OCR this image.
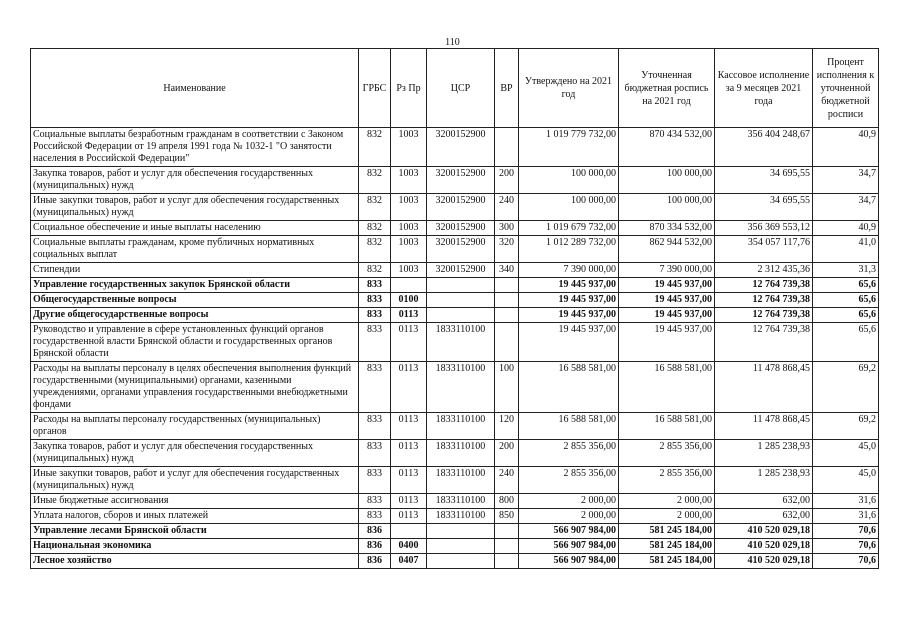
110
Наименование	ГРБС	Рз Пр	ЦСР	ВР	Утверждено на 2021 год	Уточненная бюджетная роспись на 2021 год	Кассовое исполнение за 9 месяцев 2021 года	Процент исполнения к уточненной бюджетной росписи
Социальные выплаты безработным гражданам в соответствии с Законом Российской Федерации от 19 апреля 1991 года № 1032-1 "О занятости населения в Российской Федерации"	832	1003	3200152900		1 019 779 732,00	870 434 532,00	356 404 248,67	40,9
Закупка товаров, работ и услуг для обеспечения государственных (муниципальных) нужд	832	1003	3200152900	200	100 000,00	100 000,00	34 695,55	34,7
Иные закупки товаров, работ и услуг для обеспечения государственных (муниципальных) нужд	832	1003	3200152900	240	100 000,00	100 000,00	34 695,55	34,7
Социальное обеспечение и иные выплаты населению	832	1003	3200152900	300	1 019 679 732,00	870 334 532,00	356 369 553,12	40,9
Социальные выплаты гражданам, кроме публичных нормативных социальных выплат	832	1003	3200152900	320	1 012 289 732,00	862 944 532,00	354 057 117,76	41,0
Стипендии	832	1003	3200152900	340	7 390 000,00	7 390 000,00	2 312 435,36	31,3
Управление государственных закупок Брянской области	833				19 445 937,00	19 445 937,00	12 764 739,38	65,6
Общегосударственные вопросы	833	0100			19 445 937,00	19 445 937,00	12 764 739,38	65,6
Другие общегосударственные вопросы	833	0113			19 445 937,00	19 445 937,00	12 764 739,38	65,6
Руководство и управление в сфере установленных функций органов государственной власти Брянской области и государственных органов Брянской области	833	0113	1833110100		19 445 937,00	19 445 937,00	12 764 739,38	65,6
Расходы на выплаты персоналу в целях обеспечения выполнения функций государственными (муниципальными) органами, казенными учреждениями, органами управления государственными внебюджетными фондами	833	0113	1833110100	100	16 588 581,00	16 588 581,00	11 478 868,45	69,2
Расходы на выплаты персоналу государственных (муниципальных) органов	833	0113	1833110100	120	16 588 581,00	16 588 581,00	11 478 868,45	69,2
Закупка товаров, работ и услуг для обеспечения государственных (муниципальных) нужд	833	0113	1833110100	200	2 855 356,00	2 855 356,00	1 285 238,93	45,0
Иные закупки товаров, работ и услуг для обеспечения государственных (муниципальных) нужд	833	0113	1833110100	240	2 855 356,00	2 855 356,00	1 285 238,93	45,0
Иные бюджетные ассигнования	833	0113	1833110100	800	2 000,00	2 000,00	632,00	31,6
Уплата налогов, сборов и иных платежей	833	0113	1833110100	850	2 000,00	2 000,00	632,00	31,6
Управление лесами Брянской области	836				566 907 984,00	581 245 184,00	410 520 029,18	70,6
Национальная экономика	836	0400			566 907 984,00	581 245 184,00	410 520 029,18	70,6
Лесное хозяйство	836	0407			566 907 984,00	581 245 184,00	410 520 029,18	70,6
